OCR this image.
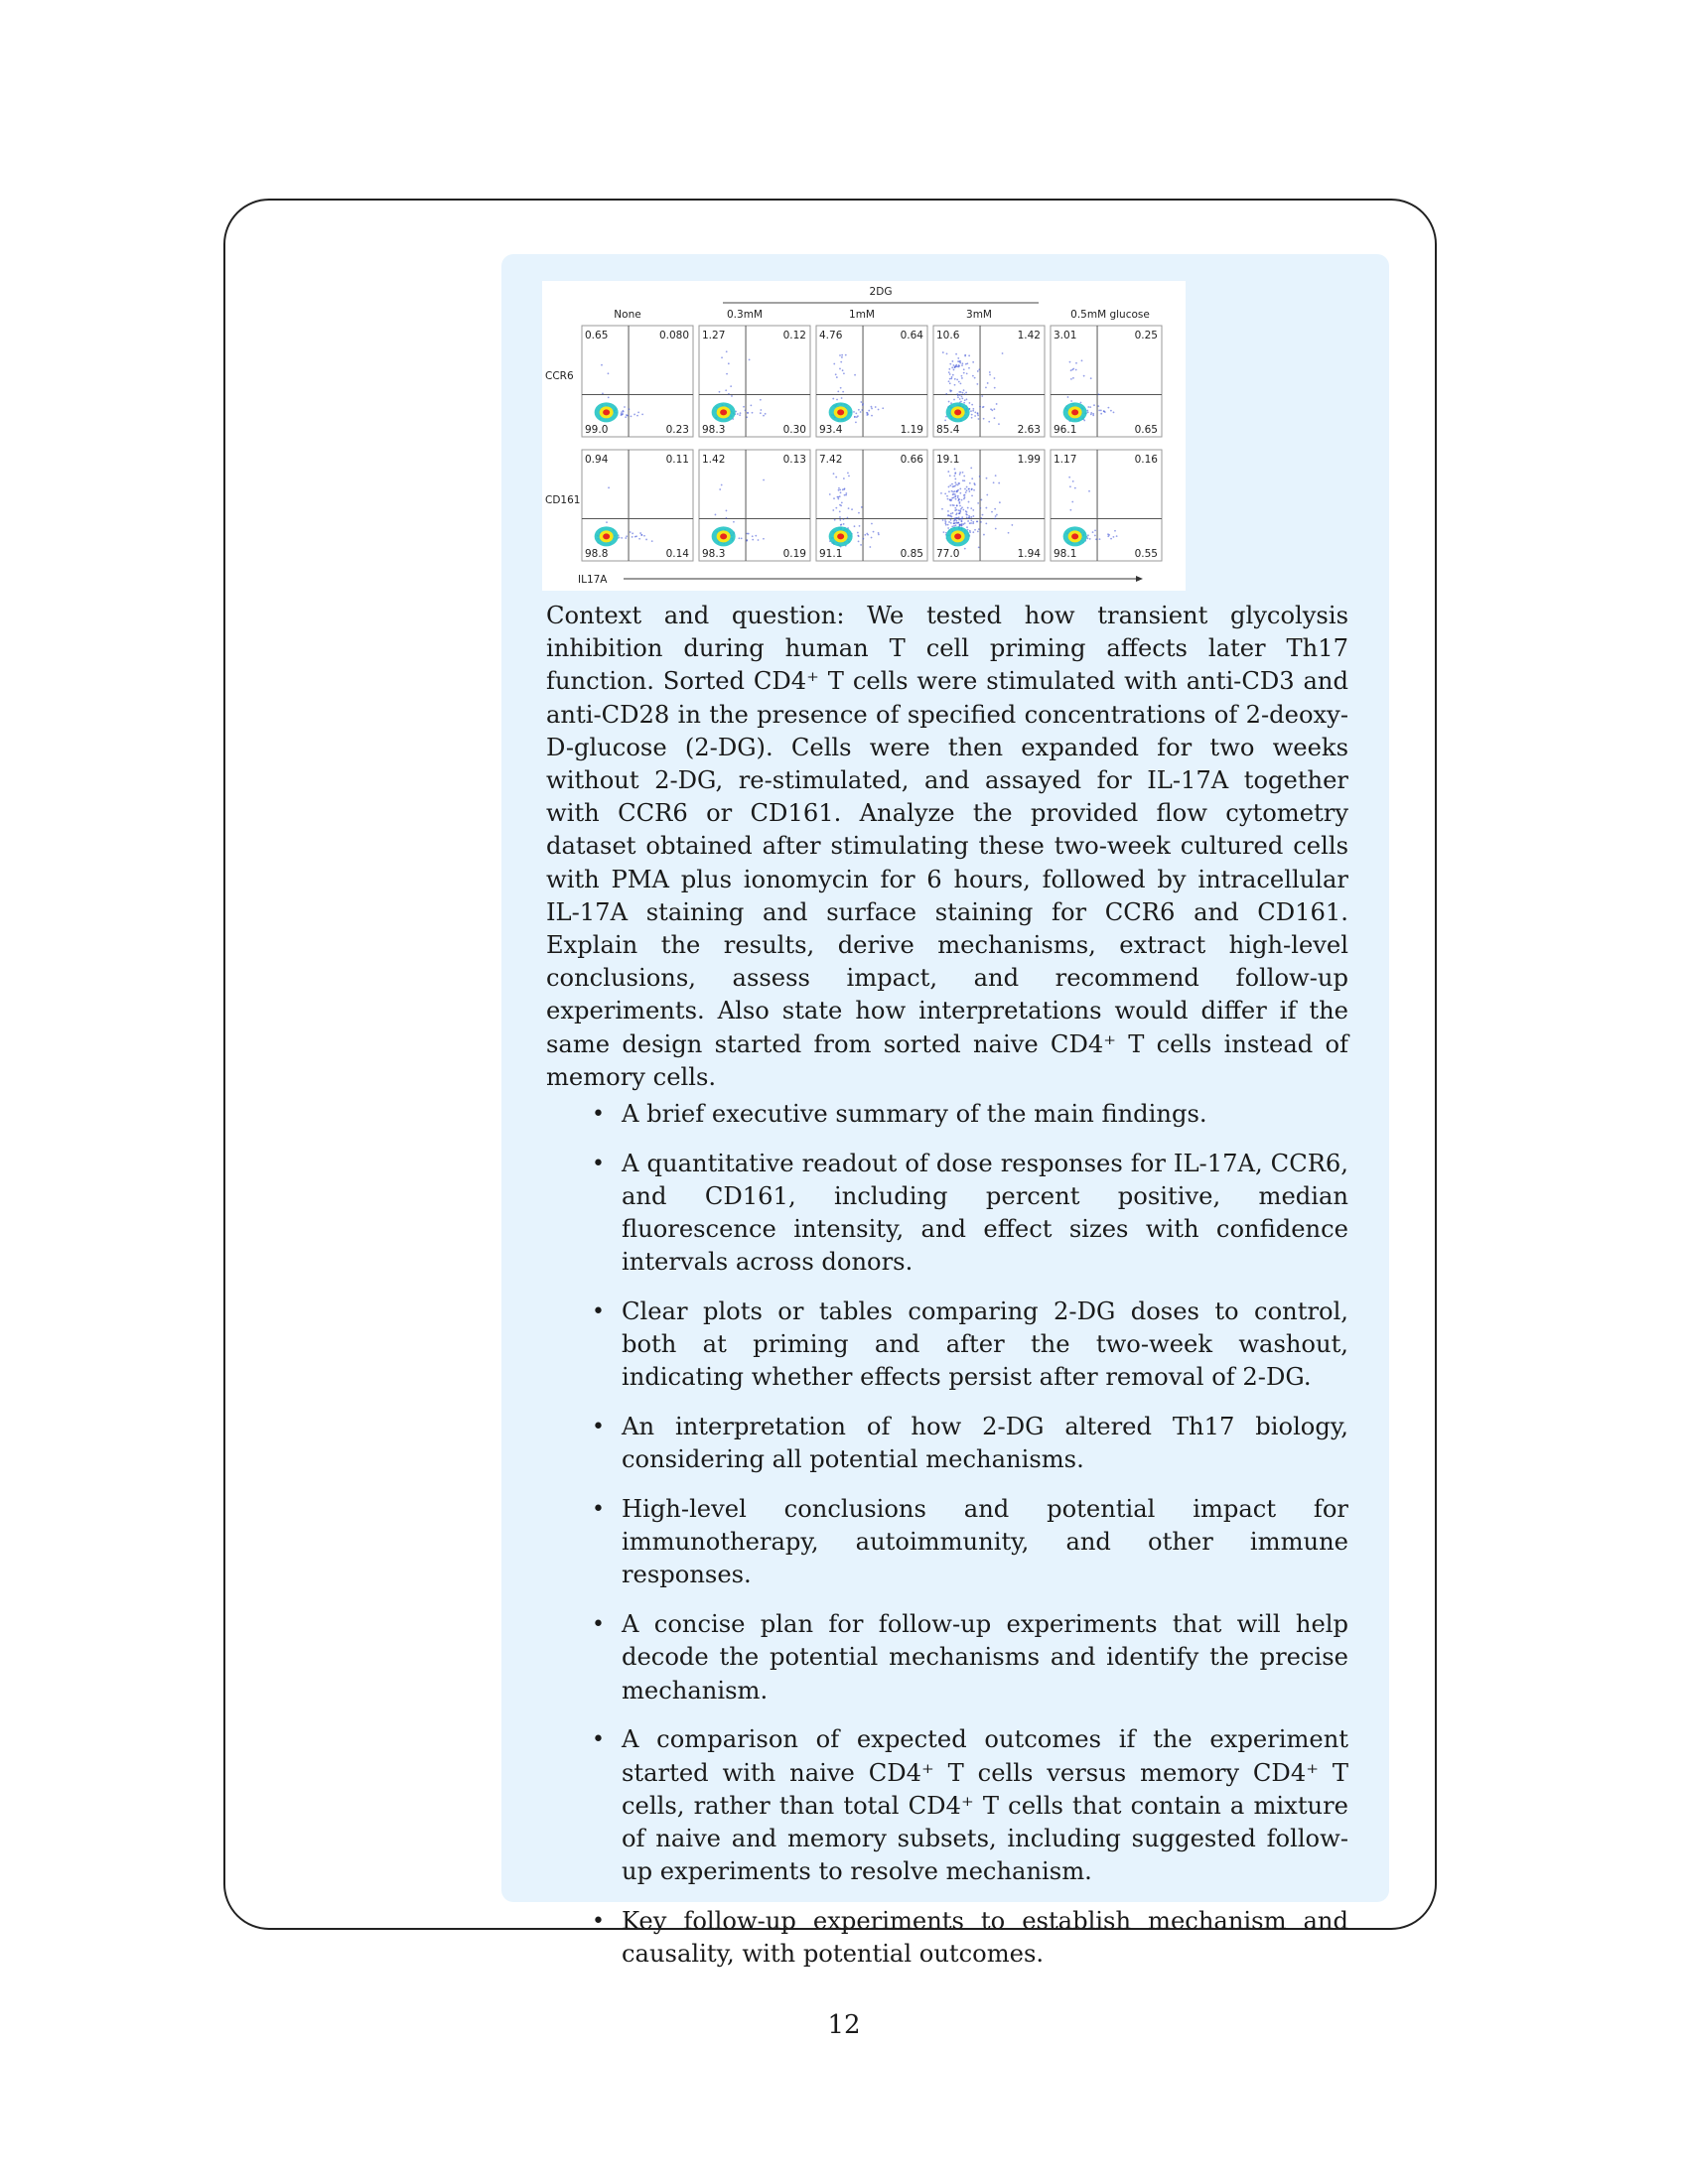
2DG
None	0.3mM	1mM	3mM	0.5mM glucose
CCR6
CD161
0.65	0.080
99.0	0.23
1.27	0.12
98.3	0.30
4.76	0.64
93.4	1.19
10.6	1.42
85.4	2.63
3.01	0.25
96.1	0.65
0.94	0.11
98.8	0.14
1.42	0.13
98.3	0.19
7.42	0.66
91.1	0.85
19.1	1.99
77.0	1.94
1.17	0.16
98.1	0.55
IL17A

Context and question: We tested how transient glycolysis inhibition during human T cell priming affects later Th17 function. Sorted CD4⁺ T cells were stimulated with anti-CD3 and anti-CD28 in the presence of specified concentrations of 2-deoxy-D-glucose (2-DG). Cells were then expanded for two weeks without 2-DG, re-stimulated, and assayed for IL-17A together with CCR6 or CD161. Analyze the provided flow cytometry dataset obtained after stimulating these two-week cultured cells with PMA plus ionomycin for 6 hours, followed by intracellular IL-17A staining and surface staining for CCR6 and CD161. Explain the results, derive mechanisms, extract high-level conclusions, assess impact, and recommend follow-up experiments. Also state how interpretations would differ if the same design started from sorted naive CD4⁺ T cells instead of memory cells.

• A brief executive summary of the main findings.
• A quantitative readout of dose responses for IL-17A, CCR6, and CD161, including percent positive, median fluorescence intensity, and effect sizes with confidence intervals across donors.
• Clear plots or tables comparing 2-DG doses to control, both at priming and after the two-week washout, indicating whether effects persist after removal of 2-DG.
• An interpretation of how 2-DG altered Th17 biology, considering all potential mechanisms.
• High-level conclusions and potential impact for immunotherapy, autoimmunity, and other immune responses.
• A concise plan for follow-up experiments that will help decode the potential mechanisms and identify the precise mechanism.
• A comparison of expected outcomes if the experiment started with naive CD4⁺ T cells versus memory CD4⁺ T cells, rather than total CD4⁺ T cells that contain a mixture of naive and memory subsets, including suggested follow-up experiments to resolve mechanism.
• Key follow-up experiments to establish mechanism and causality, with potential outcomes.
12
